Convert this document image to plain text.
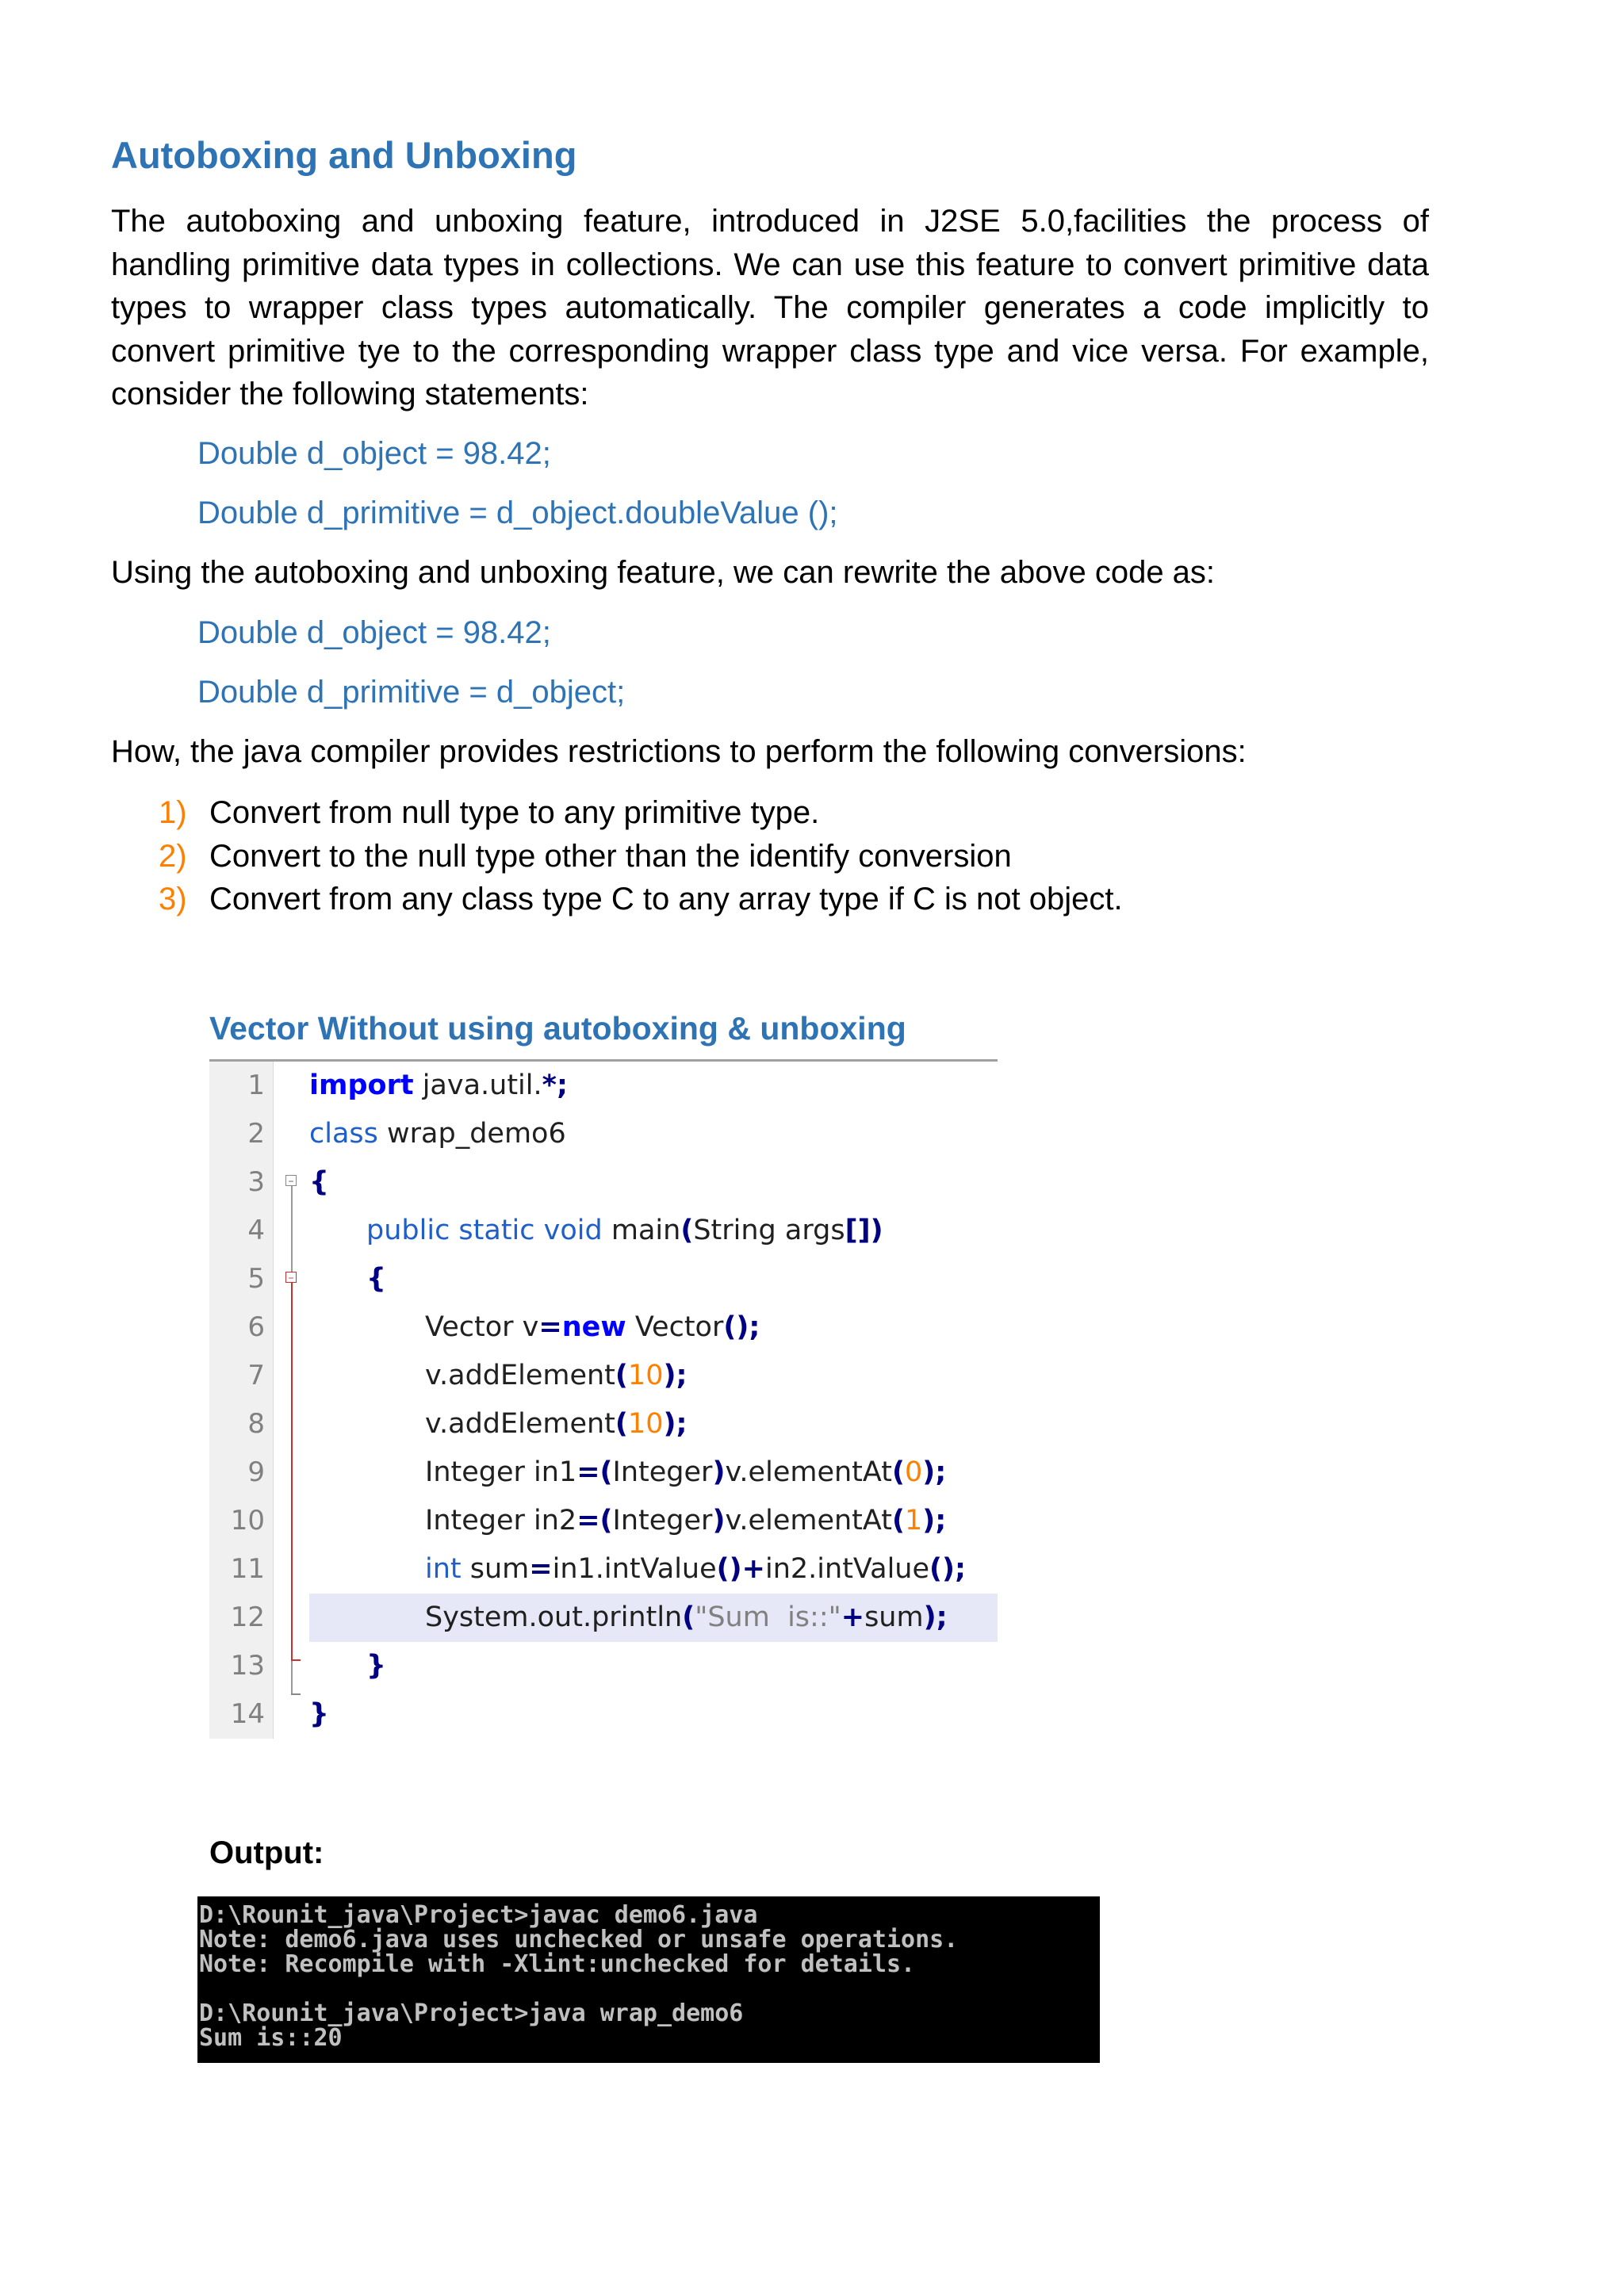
Autoboxing and Unboxing
The autoboxing and unboxing feature, introduced in J2SE 5.0,facilities the process of handling primitive data types in collections. We can use this feature to convert primitive data types to wrapper class types automatically. The compiler generates a code implicitly to convert primitive tye to the corresponding wrapper class type and vice versa. For example, consider the following statements:
Double d_object = 98.42;
Double d_primitive = d_object.doubleValue ();
Using the autoboxing and unboxing feature, we can rewrite the above code as:
Double d_object = 98.42;
Double d_primitive = d_object;
How, the java compiler provides restrictions to perform the following conversions:
1) Convert from null type to any primitive type.
2) Convert to the null type other than the identify conversion
3) Convert from any class type C to any array type if C is not object.
Vector Without using autoboxing & unboxing
1
2
3
4
5
6
7
8
9
10
11
12
13
14
−
−
import java.util.*;
class wrap_demo6
{
public static void main(String args[])
{
Vector v=new Vector();
v.addElement(10);
v.addElement(10);
Integer in1=(Integer)v.elementAt(0);
Integer in2=(Integer)v.elementAt(1);
int sum=in1.intValue()+in2.intValue();
System.out.println("Sum  is::"+sum);
}
}
Output:
D:\Rounit_java\Project>javac demo6.java
Note: demo6.java uses unchecked or unsafe operations.
Note: Recompile with -Xlint:unchecked for details.
D:\Rounit_java\Project>java wrap_demo6
Sum is::20
